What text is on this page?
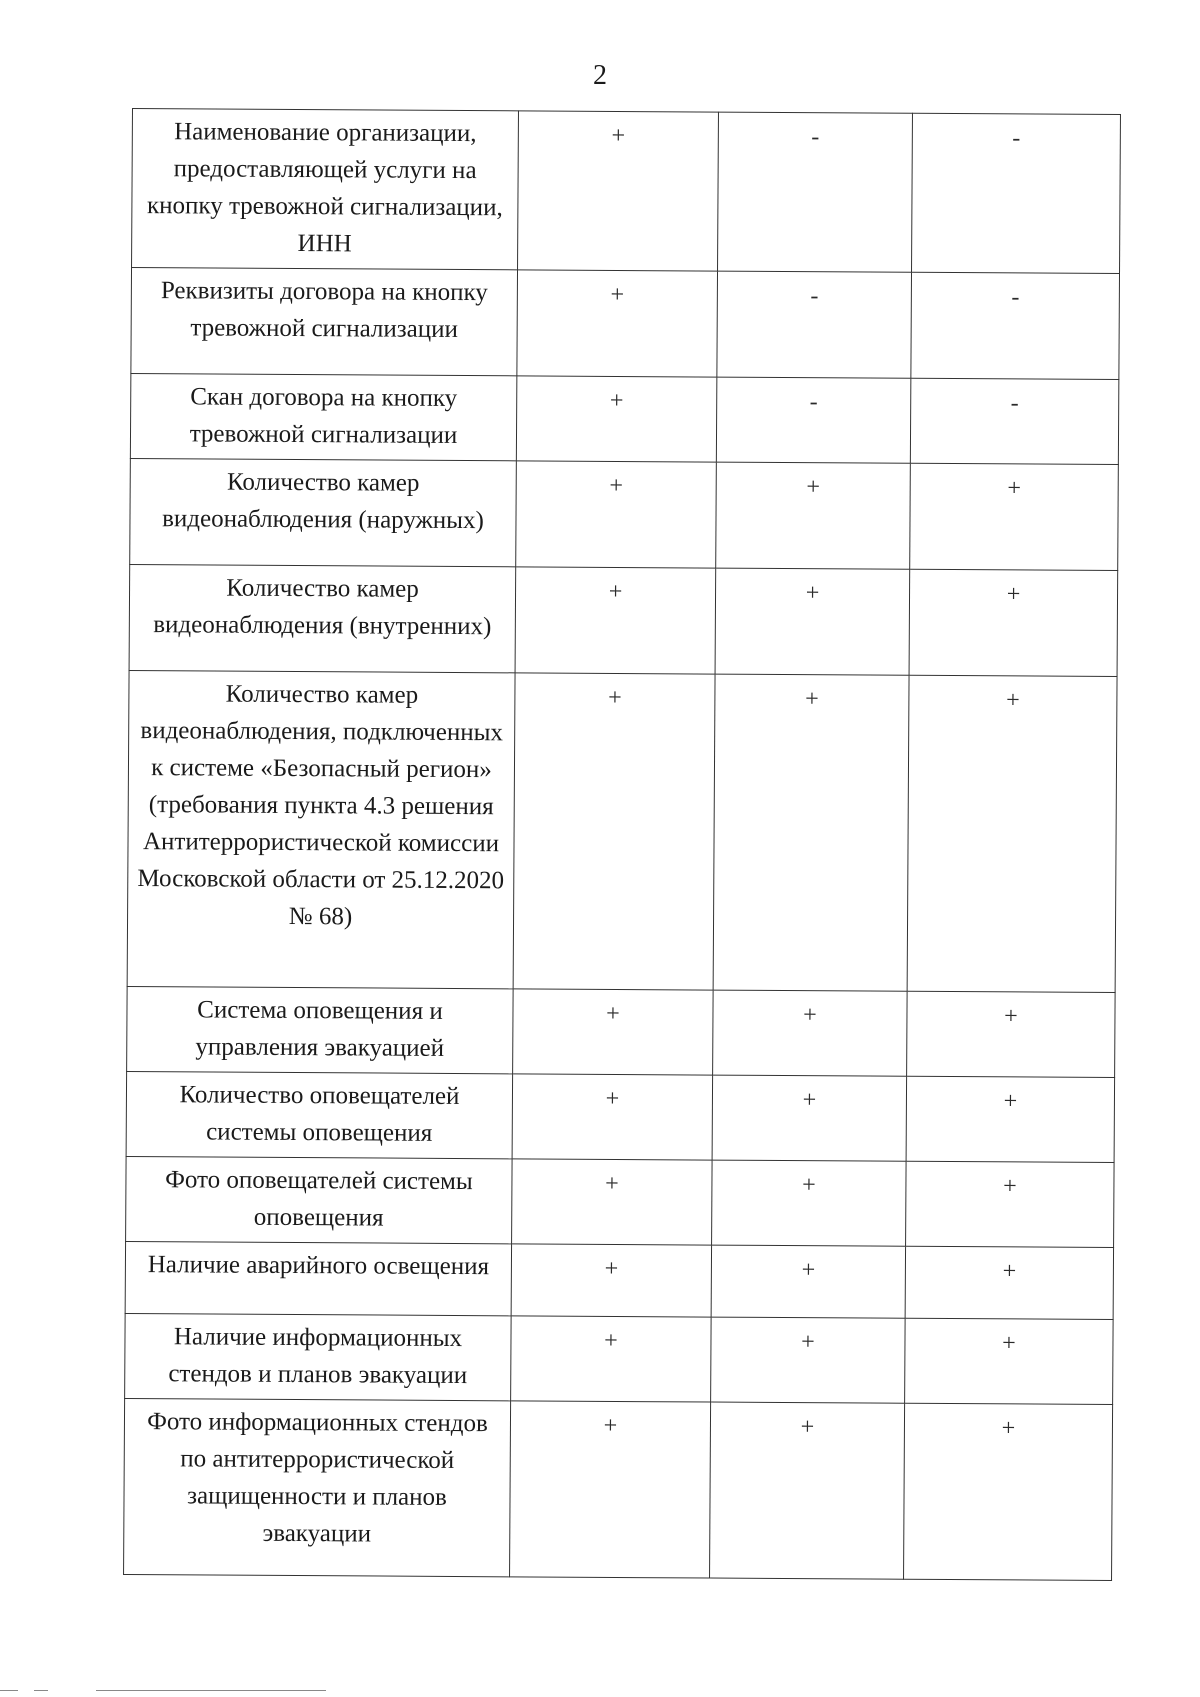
2
Наименование организации, предоставляющей услуги на кнопку тревожной сигнализации, ИНН	+	-	-
Реквизиты договора на кнопку тревожной сигнализации	+	-	-
Скан договора на кнопку тревожной сигнализации	+	-	-
Количество камер видеонаблюдения (наружных)	+	+	+
Количество камер видеонаблюдения (внутренних)	+	+	+
Количество камер видеонаблюдения, подключенных к системе «Безопасный регион» (требования пункта 4.3 решения Антитеррористической комиссии Московской области от 25.12.2020 № 68)	+	+	+
Система оповещения и управления эвакуацией	+	+	+
Количество оповещателей системы оповещения	+	+	+
Фото оповещателей системы оповещения	+	+	+
Наличие аварийного освещения	+	+	+
Наличие информационных стендов и планов эвакуации	+	+	+
Фото информационных стендов по антитеррористической защищенности и планов эвакуации	+	+	+
